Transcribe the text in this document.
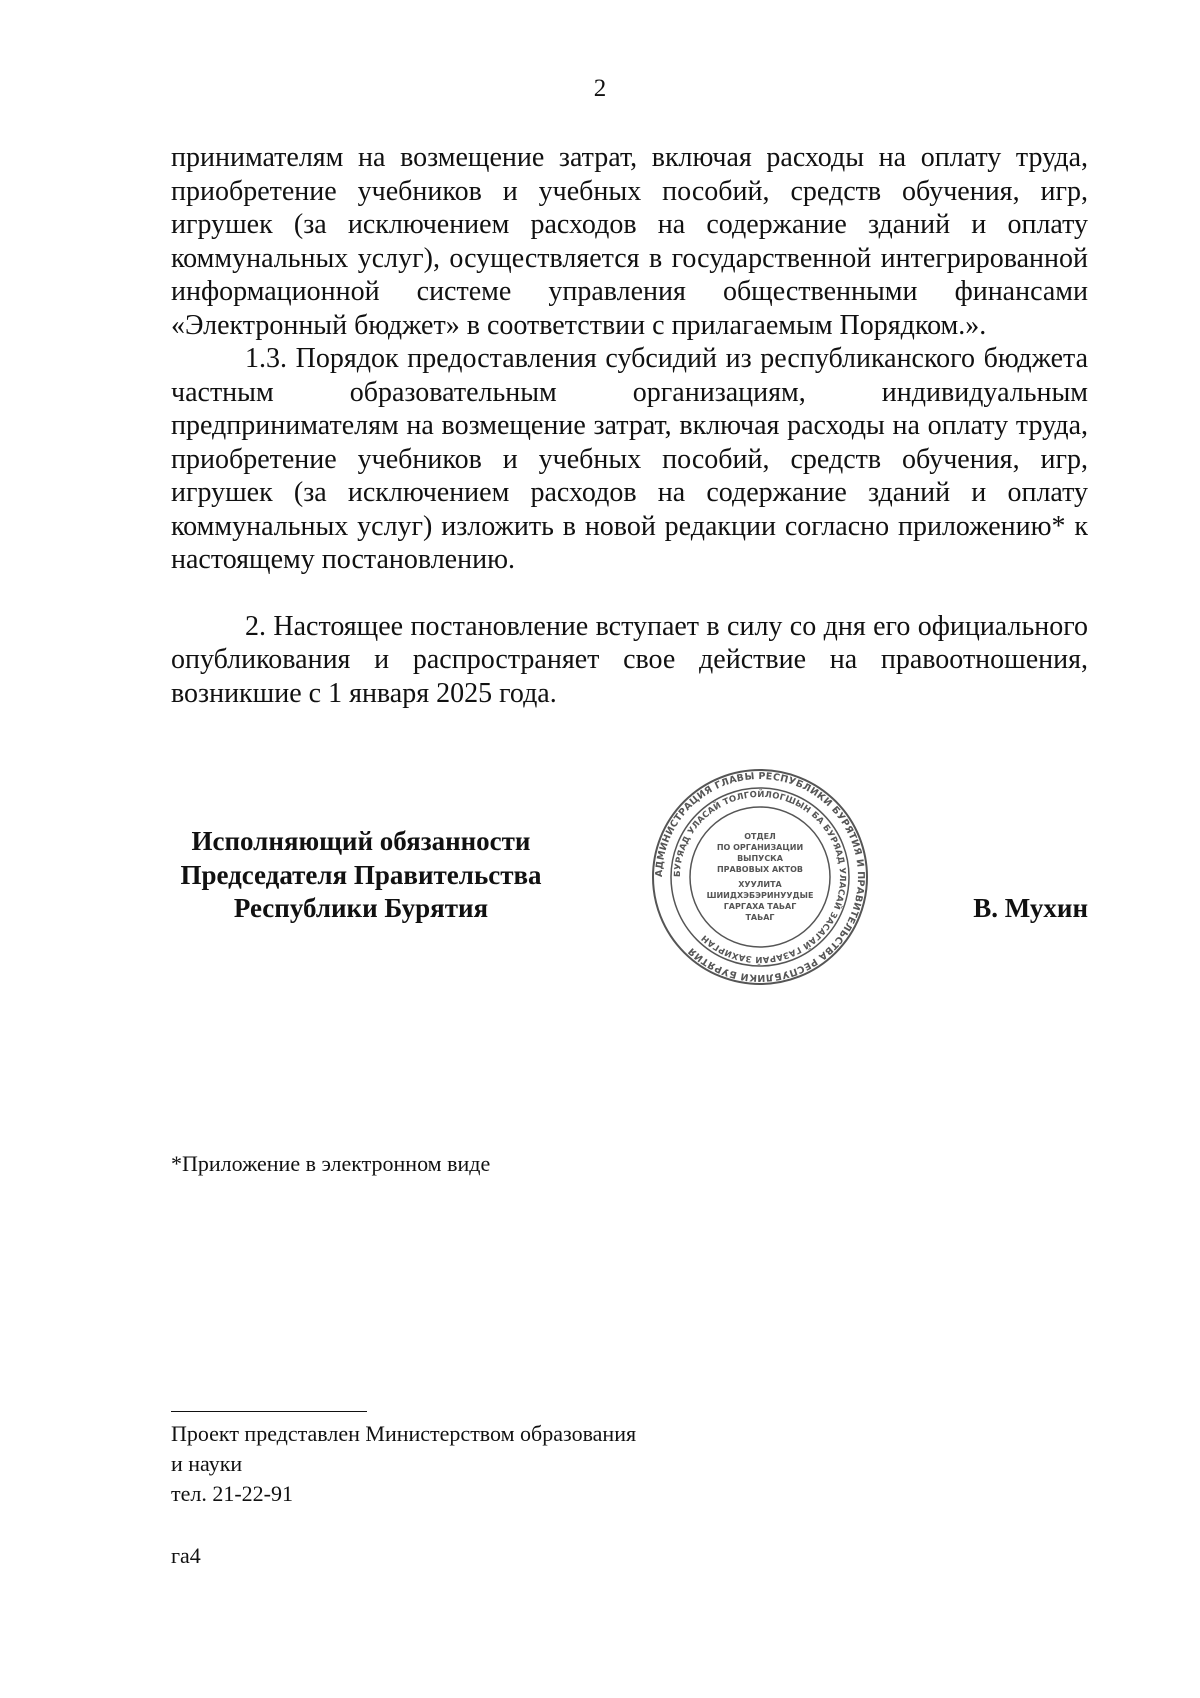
2

принимателям на возмещение затрат, включая расходы на оплату труда, приобретение учебников и учебных пособий, средств обучения, игр, игрушек (за исключением расходов на содержание зданий и оплату коммунальных услуг), осуществляется в государственной интегрированной информационной системе управления общественными финансами «Электронный бюджет» в соответствии с прилагаемым Порядком.».

1.3. Порядок предоставления субсидий из республиканского бюджета частным образовательным организациям, индивидуальным предпринимателям на возмещение затрат, включая расходы на оплату труда, приобретение учебников и учебных пособий, средств обучения, игр, игрушек (за исключением расходов на содержание зданий и оплату коммунальных услуг) изложить в новой редакции согласно приложению* к настоящему постановлению.

2. Настоящее постановление вступает в силу со дня его официального опубликования и распространяет свое действие на правоотношения, возникшие с 1 января 2025 года.

Исполняющий обязанности
Председателя Правительства
Республики Бурятия
АДМИНИСТРАЦИЯ ГЛАВЫ РЕСПУБЛИКИ БУРЯТИЯ И ПРАВИТЕЛЬСТВА РЕСПУБЛИКИ БУРЯТИЯ
БУРЯАД УЛАСАЙ ТОЛГОЙЛОГШЫН БА БУРЯАД УЛАСАЙ ЗАСАГАЙ ГАЗАРАЙ ЗАХИРГАН
ОТДЕЛ
ПО ОРГАНИЗАЦИИ
ВЫПУСКА
ПРАВОВЫХ АКТОВ
ХУУЛИТА
ШИИДХЭБЭРИНУУДЫЕ
ГАРГАХА ТАЬАГ
ТАЬАГ	В. Мухин
*Приложение в электронном виде
Проект представлен Министерством образования
и науки
тел. 21-22-91
га4
